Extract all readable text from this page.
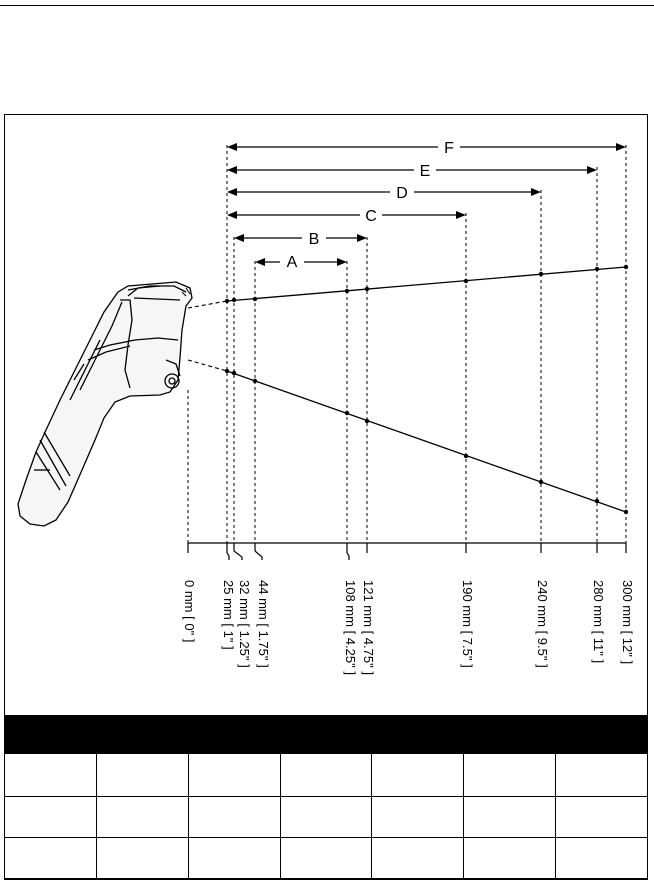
A
B
C
D
E
F
0 mm [ 0" ] 25 mm [ 1" ] 32 mm [ 1.25" ] 44 mm [ 1.75" ]	108 mm [ 4.25" ] 121 mm [ 4.75" ]	190 mm [ 7.5" ]	240 mm [ 9.5" ]	280 mm [ 11" ] 300 mm [ 12" ]
